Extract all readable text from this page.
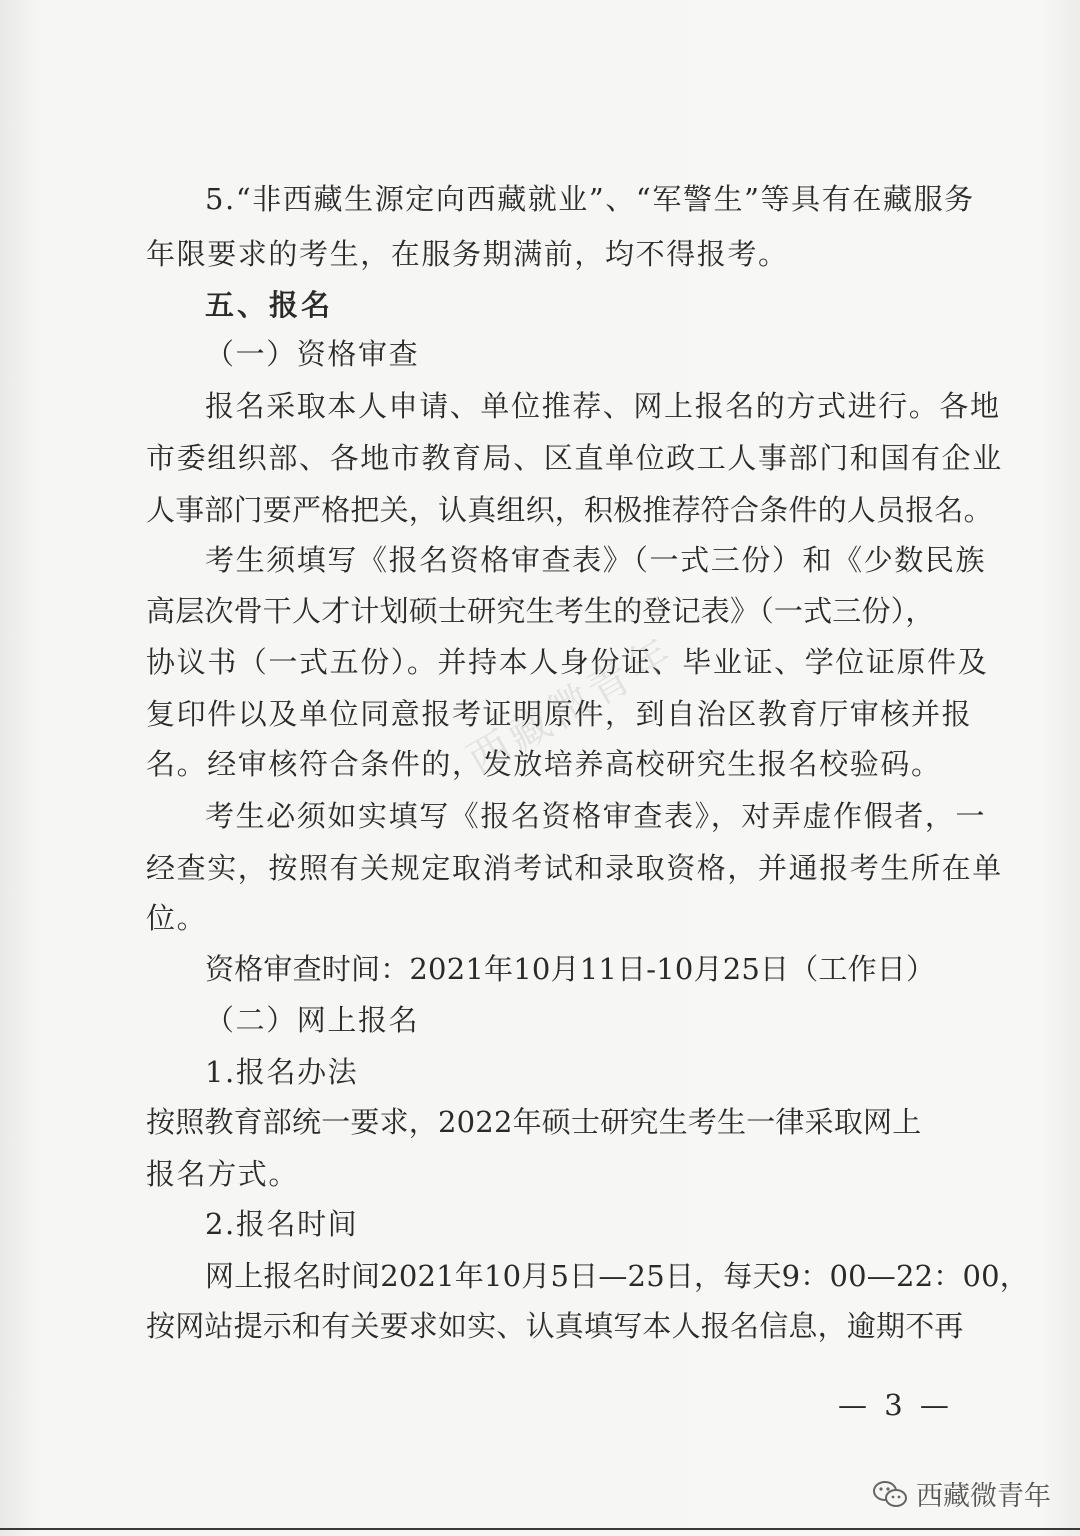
5.“非西藏生源定向西藏就业”、“军警生”等具有在藏服务
年限要求的考生，在服务期满前，均不得报考。
五、报名
（一）资格审查
报名采取本人申请、单位推荐、网上报名的方式进行。各地
市委组织部、各地市教育局、区直单位政工人事部门和国有企业
人事部门要严格把关，认真组织，积极推荐符合条件的人员报名。
考生须填写《报名资格审查表》（一式三份）和《少数民族
高层次骨干人才计划硕士研究生考生的登记表》（一式三份），
协议书（一式五份）。并持本人身份证、毕业证、学位证原件及
复印件以及单位同意报考证明原件，到自治区教育厅审核并报
名。经审核符合条件的，发放培养高校研究生报名校验码。
考生必须如实填写《报名资格审查表》，对弄虚作假者，一
经查实，按照有关规定取消考试和录取资格，并通报考生所在单
位。
资格审查时间：2021年10月11日-10月25日（工作日）
（二）网上报名
1.报名办法
按照教育部统一要求，2022年硕士研究生考生一律采取网上
报名方式。
2.报名时间
网上报名时间2021年10月5日—25日，每天9：00—22：00，
按网站提示和有关要求如实、认真填写本人报名信息，逾期不再
西藏微青年
— 3 —
西藏微青年
